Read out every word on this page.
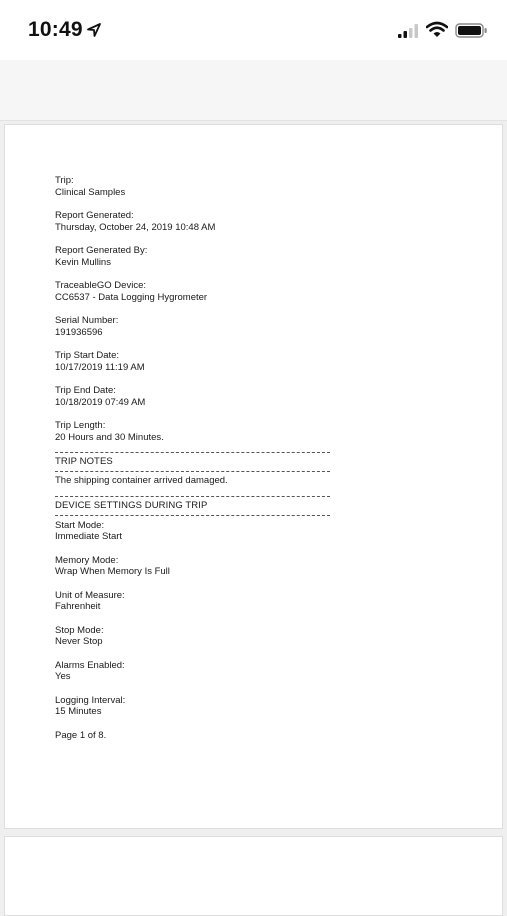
10:49
Trip:
Clinical Samples
Report Generated:
Thursday, October 24, 2019 10:48 AM
Report Generated By:
Kevin Mullins
TraceableGO Device:
CC6537 - Data Logging Hygrometer
Serial Number:
191936596
Trip Start Date:
10/17/2019 11:19 AM
Trip End Date:
10/18/2019 07:49 AM
Trip Length:
20 Hours and 30 Minutes.
TRIP NOTES
The shipping container arrived damaged.
DEVICE SETTINGS DURING TRIP
Start Mode:
Immediate Start
Memory Mode:
Wrap When Memory Is Full
Unit of Measure:
Fahrenheit
Stop Mode:
Never Stop
Alarms Enabled:
Yes
Logging Interval:
15 Minutes
Page 1 of 8.
